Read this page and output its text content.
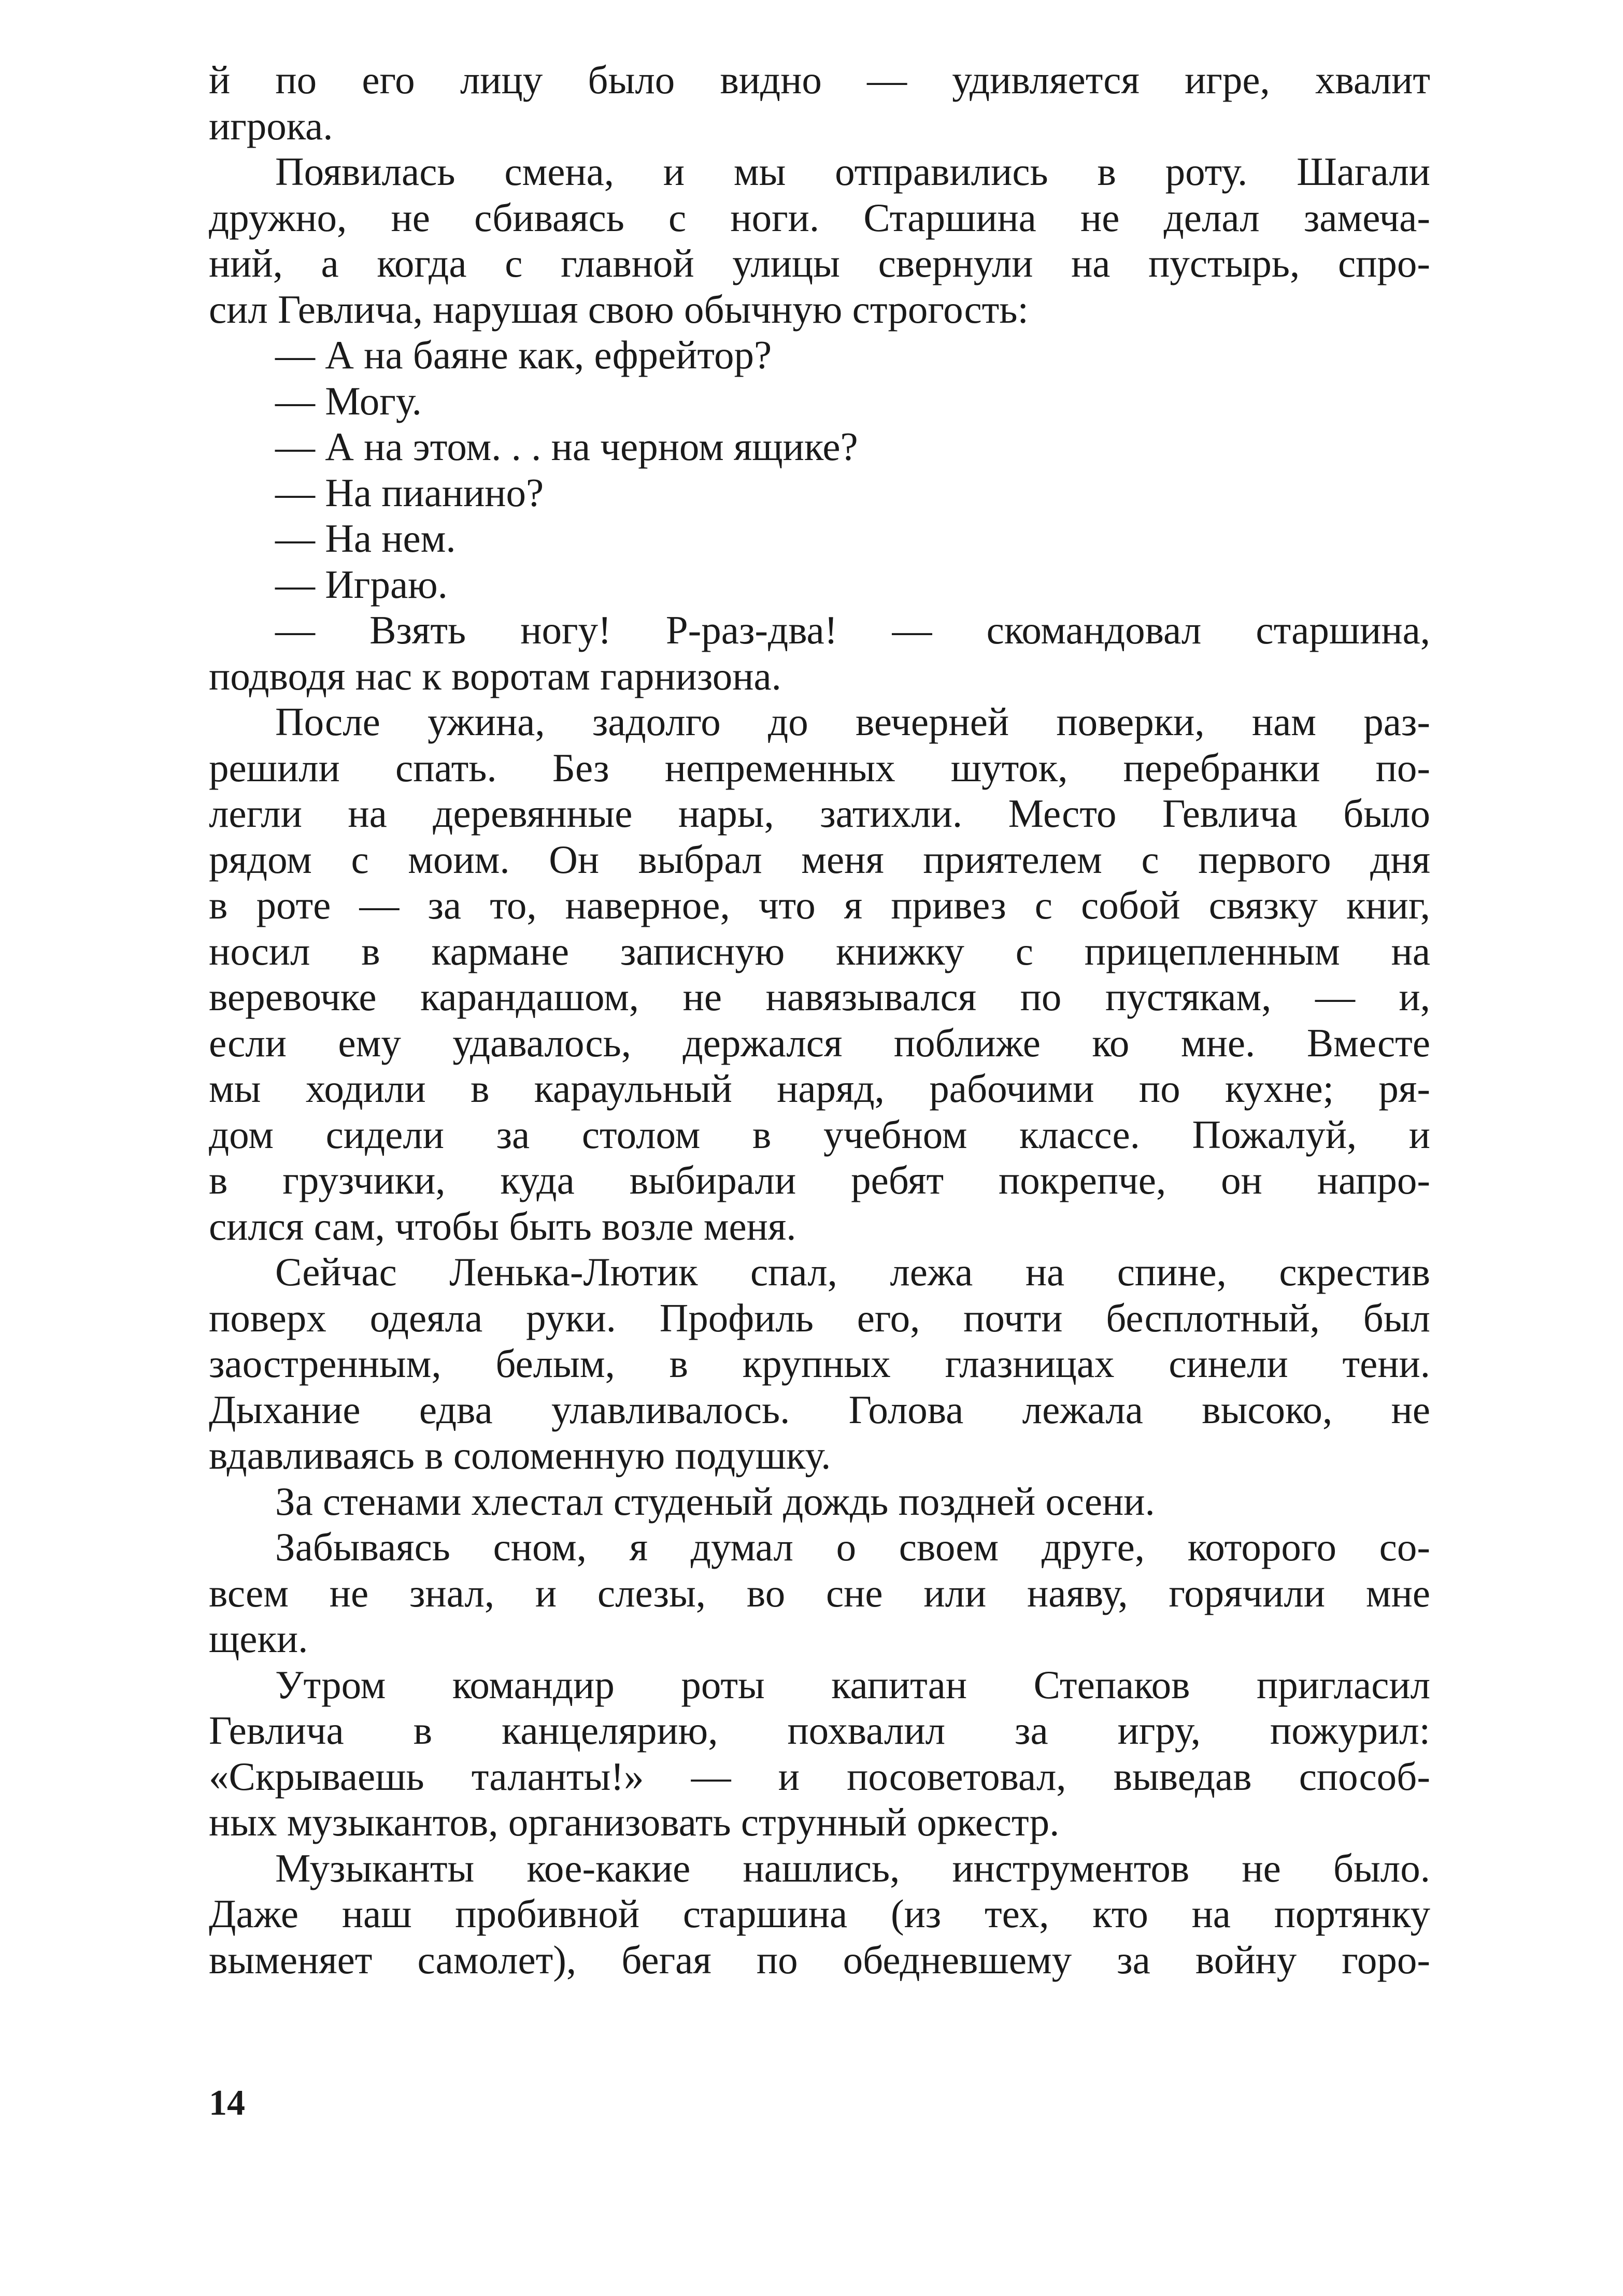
й по его лицу было видно — удивляется игре, хвалит
игрока.
Появилась смена, и мы отправились в роту. Шагали
дружно, не сбиваясь с ноги. Старшина не делал замеча-
ний, а когда с главной улицы свернули на пустырь, спро-
сил Гевлича, нарушая свою обычную строгость:
— А на баяне как, ефрейтор?
— Могу.
— А на этом. . . на черном ящике?
— На пианино?
— На нем.
— Играю.
— Взять ногу! Р-раз-два! — скомандовал старшина,
подводя нас к воротам гарнизона.
После ужина, задолго до вечерней поверки, нам раз-
решили спать. Без непременных шуток, перебранки по-
легли на деревянные нары, затихли. Место Гевлича было
рядом с моим. Он выбрал меня приятелем с первого дня
в роте — за то, наверное, что я привез с собой связку книг,
носил в кармане записную книжку с прицепленным на
веревочке карандашом, не навязывался по пустякам, — и,
если ему удавалось, держался поближе ко мне. Вместе
мы ходили в караульный наряд, рабочими по кухне; ря-
дом сидели за столом в учебном классе. Пожалуй, и
в грузчики, куда выбирали ребят покрепче, он напро-
сился сам, чтобы быть возле меня.
Сейчас Ленька-Лютик спал, лежа на спине, скрестив
поверх одеяла руки. Профиль его, почти бесплотный, был
заостренным, белым, в крупных глазницах синели тени.
Дыхание едва улавливалось. Голова лежала высоко, не
вдавливаясь в соломенную подушку.
За стенами хлестал студеный дождь поздней осени.
Забываясь сном, я думал о своем друге, которого со-
всем не знал, и слезы, во сне или наяву, горячили мне
щеки.
Утром командир роты капитан Степаков пригласил
Гевлича в канцелярию, похвалил за игру, пожурил:
«Скрываешь таланты!» — и посоветовал, выведав способ-
ных музыкантов, организовать струнный оркестр.
Музыканты кое-какие нашлись, инструментов не было.
Даже наш пробивной старшина (из тех, кто на портянку
выменяет самолет), бегая по обедневшему за войну горо-
14
